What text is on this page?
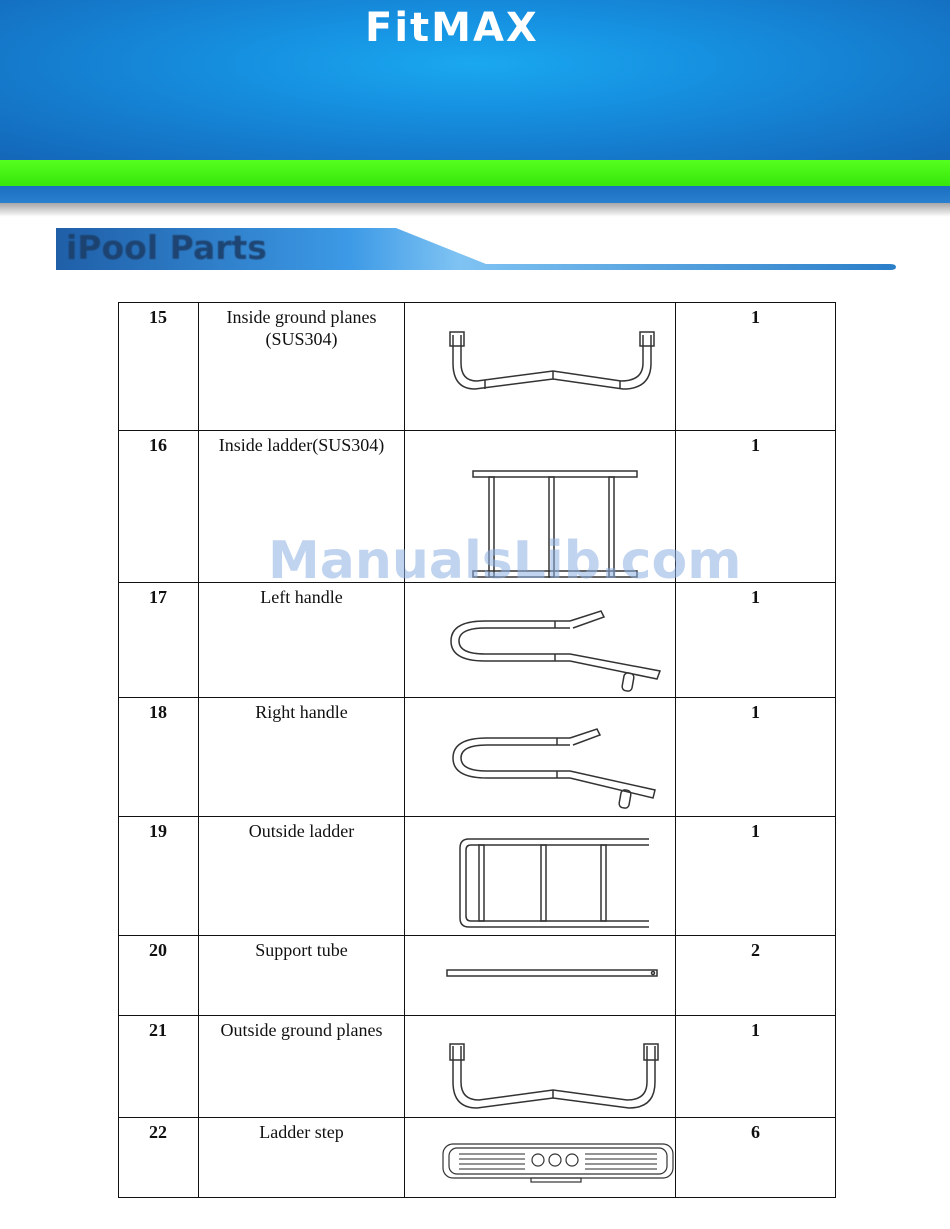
FitMAX
iPool Parts
15	Inside ground planes (SUS304)		1
16	Inside ladder(SUS304)		1
17	Left handle		1
18	Right handle		1
19	Outside ladder		1
20	Support tube		2
21	Outside ground planes		1
22	Ladder step		6
ManualsLib.com
